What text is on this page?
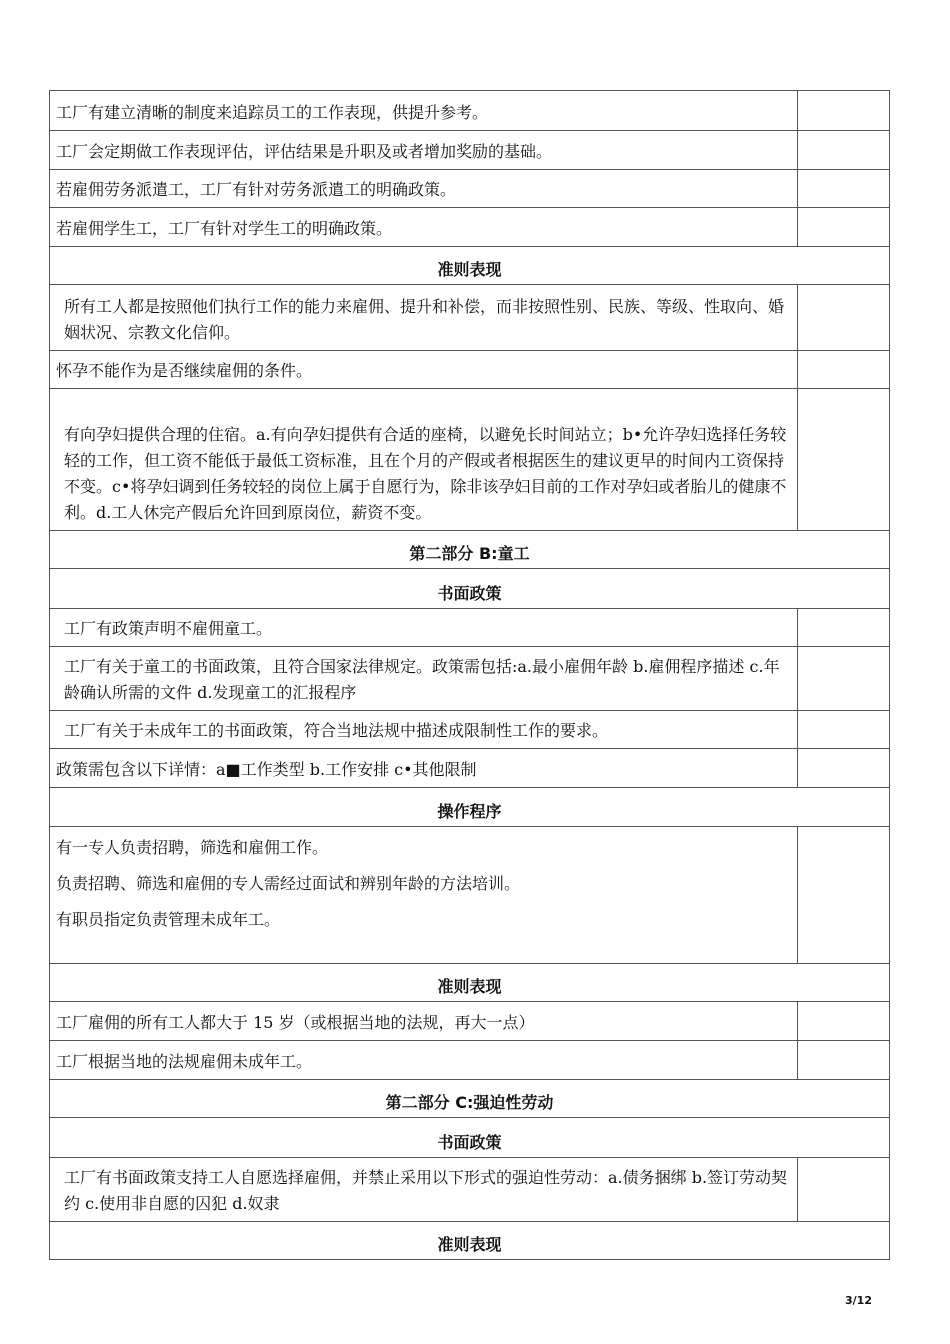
工厂有建立清晰的制度来追踪员工的工作表现，供提升参考。	
工厂会定期做工作表现评估，评估结果是升职及或者增加奖励的基础。	
若雇佣劳务派遣工，工厂有针对劳务派遣工的明确政策。	
若雇佣学生工，工厂有针对学生工的明确政策。	
准则表现	
所有工人都是按照他们执行工作的能力来雇佣、提升和补偿，而非按照性别、民族、等级、性取向、婚姻状况、宗教文化信仰。	
怀孕不能作为是否继续雇佣的条件。	
有向孕妇提供合理的住宿。a.有向孕妇提供有合适的座椅，以避免长时间站立；b•允许孕妇选择任务较轻的工作，但工资不能低于最低工资标准，且在个月的产假或者根据医生的建议更早的时间内工资保持不变。c•将孕妇调到任务较轻的岗位上属于自愿行为，除非该孕妇目前的工作对孕妇或者胎儿的健康不利。d.工人休完产假后允许回到原岗位，薪资不变。	
第二部分 B:童工	
书面政策	
工厂有政策声明不雇佣童工。	
工厂有关于童工的书面政策，且符合国家法律规定。政策需包括:a.最小雇佣年龄 b.雇佣程序描述 c.年龄确认所需的文件 d.发现童工的汇报程序	
工厂有关于未成年工的书面政策，符合当地法规中描述成限制性工作的要求。	
政策需包含以下详情：a■工作类型 b.工作安排 c•其他限制	
操作程序	

有一专人负责招聘，筛选和雇佣工作。
负责招聘、筛选和雇佣的专人需经过面试和辨别年龄的方法培训。
有职员指定负责管理未成年工。	

准则表现	
工厂雇佣的所有工人都大于 15 岁（或根据当地的法规，再大一点）	
工厂根据当地的法规雇佣未成年工。	
第二部分 C:强迫性劳动	
书面政策	
工厂有书面政策支持工人自愿选择雇佣，并禁止采用以下形式的强迫性劳动：a.债务捆绑 b.签订劳动契约 c.使用非自愿的囚犯 d.奴隶	
准则表现	
3/12
